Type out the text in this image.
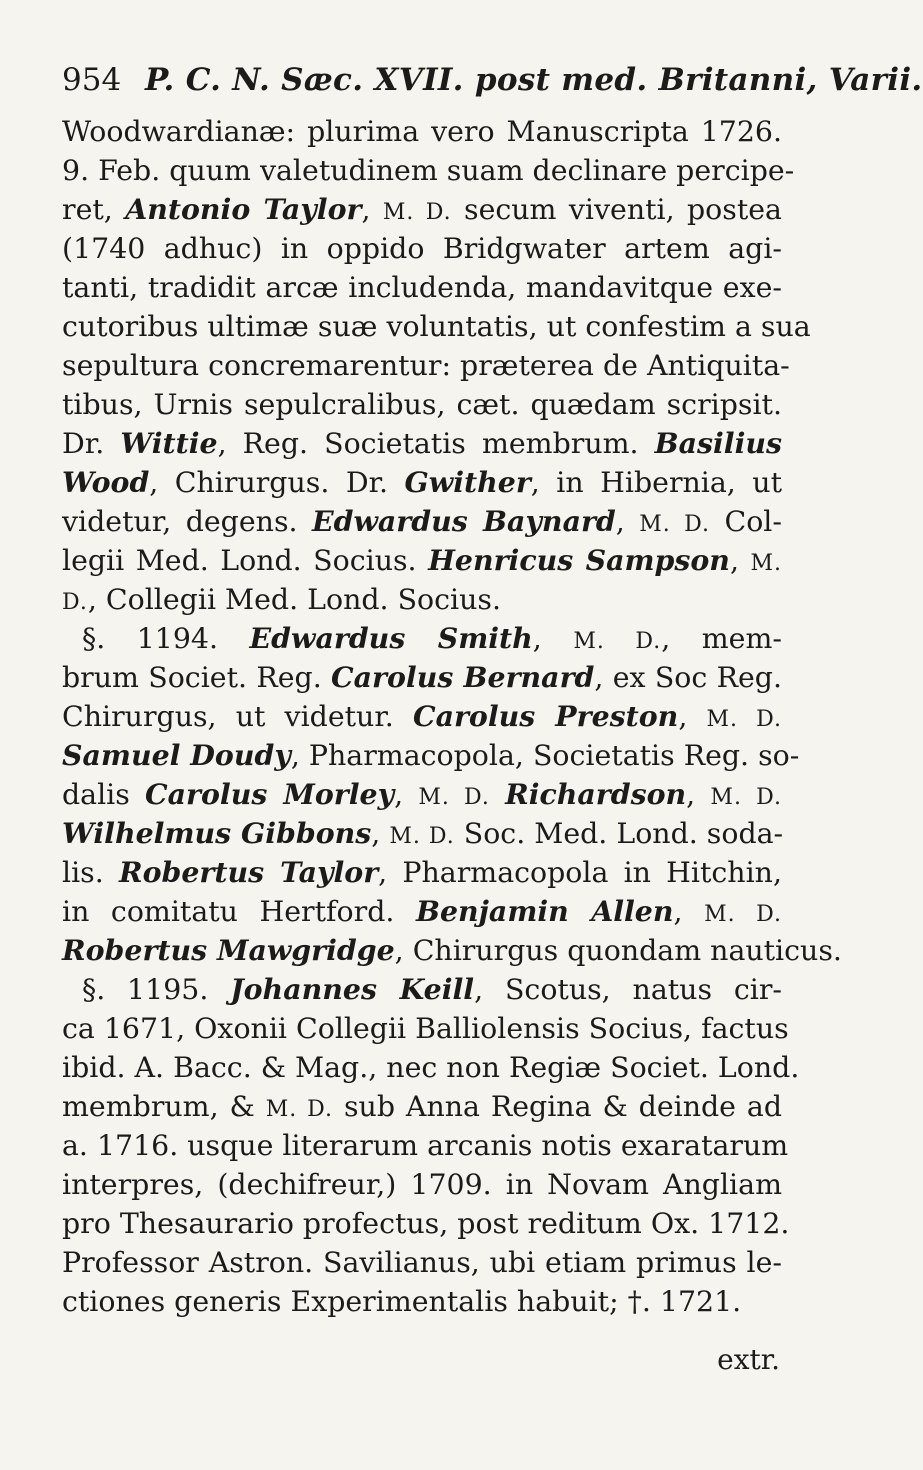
954 P. C. N. Sæc. XVII. post med. Britanni, Varii.
Woodwardianæ: plurima vero Manuscripta 1726.
9. Feb. quum valetudinem suam declinare percipe-
ret, Antonio Taylor, M. D. secum viventi, postea
(1740 adhuc) in oppido Bridgwater artem agi-
tanti, tradidit arcæ includenda, mandavitque exe-
cutoribus ultimæ suæ voluntatis, ut confestim a sua
sepultura concremarentur: præterea de Antiquita-
tibus, Urnis sepulcralibus, cæt. quædam scripsit.
Dr. Wittie, Reg. Societatis membrum. Basilius
Wood, Chirurgus. Dr. Gwither, in Hibernia, ut
videtur, degens. Edwardus Baynard, M. D. Col-
legii Med. Lond. Socius. Henricus Sampson, M.
D., Collegii Med. Lond. Socius.
§. 1194. Edwardus Smith, M. D., mem-
brum Societ. Reg. Carolus Bernard, ex Soc Reg.
Chirurgus, ut videtur. Carolus Preston, M. D.
Samuel Doudy, Pharmacopola, Societatis Reg. so-
dalis Carolus Morley, M. D. Richardson, M. D.
Wilhelmus Gibbons, M. D. Soc. Med. Lond. soda-
lis. Robertus Taylor, Pharmacopola in Hitchin,
in comitatu Hertford. Benjamin Allen, M. D.
Robertus Mawgridge, Chirurgus quondam nauticus.
§. 1195. Johannes Keill, Scotus, natus cir-
ca 1671, Oxonii Collegii Balliolensis Socius, factus
ibid. A. Bacc. & Mag., nec non Regiæ Societ. Lond.
membrum, & M. D. sub Anna Regina & deinde ad
a. 1716. usque literarum arcanis notis exaratarum
interpres, (dechifreur,) 1709. in Novam Angliam
pro Thesaurario profectus, post reditum Ox. 1712.
Professor Astron. Savilianus, ubi etiam primus le-
ctiones generis Experimentalis habuit; †. 1721.
extr.
